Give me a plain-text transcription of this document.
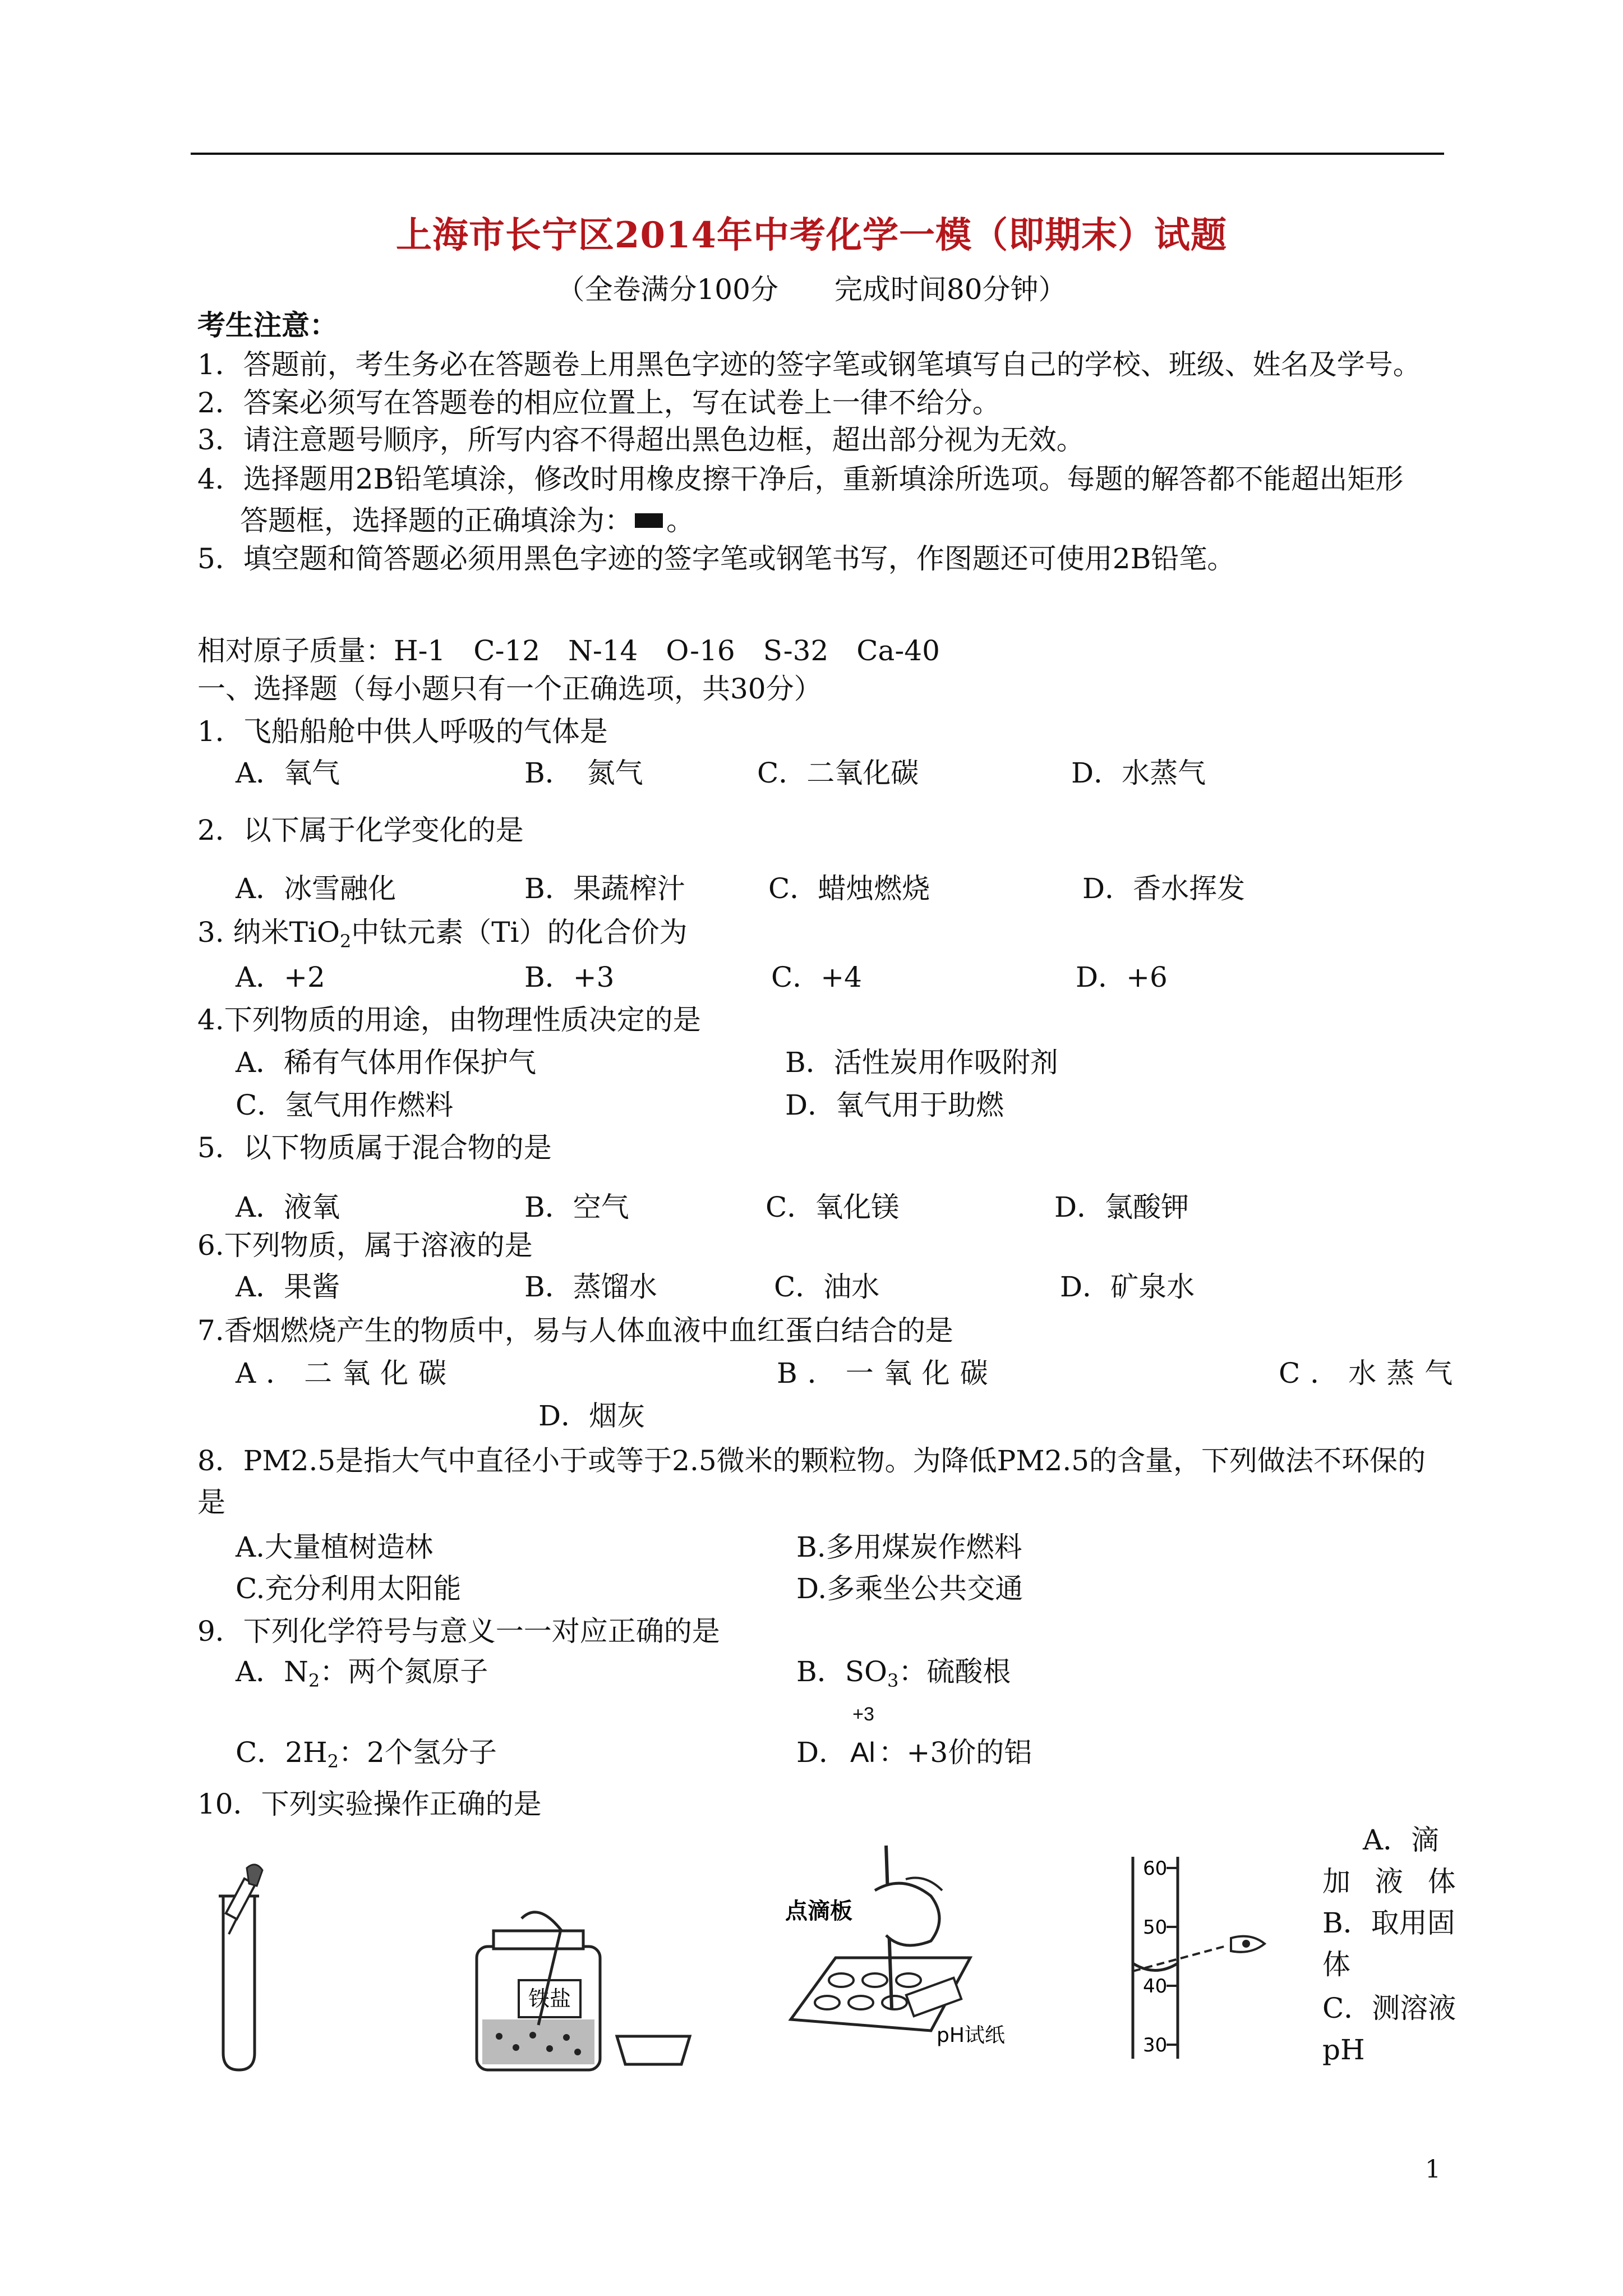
上海市长宁区2014年中考化学一模（即期末）试题
（全卷满分100分　　完成时间80分钟）
考生注意：
1．答题前，考生务必在答题卷上用黑色字迹的签字笔或钢笔填写自己的学校、班级、姓名及学号。
2．答案必须写在答题卷的相应位置上，写在试卷上一律不给分。
3．请注意题号顺序，所写内容不得超出黑色边框，超出部分视为无效。
4．选择题用2B铅笔填涂，修改时用橡皮擦干净后，重新填涂所选项。每题的解答都不能超出矩形
答题框，选择题的正确填涂为： 。
5．填空题和简答题必须用黑色字迹的签字笔或钢笔书写，作图题还可使用2B铅笔。
相对原子质量：H-1　C-12　N-14　O-16　S-32　Ca-40
一、选择题（每小题只有一个正确选项，共30分）
1．飞船船舱中供人呼吸的气体是
A．氧气	B．　氮气	C．二氧化碳	D．水蒸气
2．以下属于化学变化的是
A．冰雪融化	B．果蔬榨汁	C．蜡烛燃烧	D．香水挥发
3. 纳米TiO$_2$中钛元素（Ti）的化合价为
A．+2	B．+3	C．+4	D．+6
4.下列物质的用途，由物理性质决定的是
A．稀有气体用作保护气	B．活性炭用作吸附剂
C．氢气用作燃料	D．氧气用于助燃
5．以下物质属于混合物的是
A．液氧	B．空气	C．氧化镁	D．氯酸钾
6.下列物质，属于溶液的是
A．果酱	B．蒸馏水	C．油水	D．矿泉水
7.香烟燃烧产生的物质中，易与人体血液中血红蛋白结合的是
A．二氧化碳	B．一氧化碳	C．水蒸气
D．烟灰
8．PM2.5是指大气中直径小于或等于2.5微米的颗粒物。为降低PM2.5的含量，下列做法不环保的
是
A.大量植树造林	B.多用煤炭作燃料
C.充分利用太阳能	D.多乘坐公共交通
9．下列化学符号与意义一一对应正确的是
A．$N_2$：两个氮原子	B．$SO_3$：硫酸根
C．$2H_2$：2个氢分子	D．
+3
Al ：+3价的铝
10．下列实验操作正确的是
A．滴
加 液 体
B．取用固
体
C．测溶液
pH
铁盐
点滴板
pH试纸
60
50
40
30
1
